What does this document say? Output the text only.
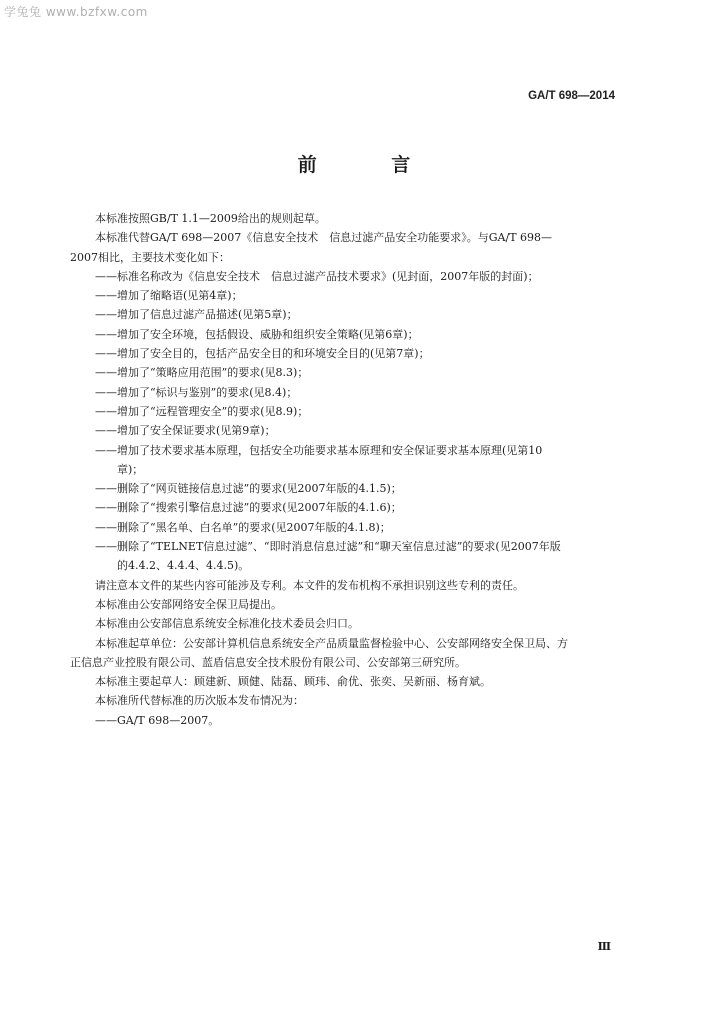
学兔兔 www.bzfxw.com
GA/T 698—2014
前 言

本标准按照GB/T 1.1—2009给出的规则起草。

本标准代替GA/T 698—2007《信息安全技术　信息过滤产品安全功能要求》。与GA/T 698—

2007相比，主要技术变化如下：

——标准名称改为《信息安全技术　信息过滤产品技术要求》(见封面，2007年版的封面)；
——增加了缩略语(见第4章)；
——增加了信息过滤产品描述(见第5章)；
——增加了安全环境，包括假设、威胁和组织安全策略(见第6章)；
——增加了安全目的，包括产品安全目的和环境安全目的(见第7章)；
——增加了“策略应用范围”的要求(见8.3)；
——增加了“标识与鉴别”的要求(见8.4)；
——增加了“远程管理安全”的要求(见8.9)；
——增加了安全保证要求(见第9章)；
——增加了技术要求基本原理，包括安全功能要求基本原理和安全保证要求基本原理(见第10
　　章)；
——删除了“网页链接信息过滤”的要求(见2007年版的4.1.5)；
——删除了“搜索引擎信息过滤”的要求(见2007年版的4.1.6)；
——删除了“黑名单、白名单”的要求(见2007年版的4.1.8)；
——删除了“TELNET信息过滤”、“即时消息信息过滤”和“聊天室信息过滤”的要求(见2007年版
　　的4.4.2、4.4.4、4.4.5)。

请注意本文件的某些内容可能涉及专利。本文件的发布机构不承担识别这些专利的责任。

本标准由公安部网络安全保卫局提出。

本标准由公安部信息系统安全标准化技术委员会归口。

本标准起草单位：公安部计算机信息系统安全产品质量监督检验中心、公安部网络安全保卫局、方

正信息产业控股有限公司、蓝盾信息安全技术股份有限公司、公安部第三研究所。

本标准主要起草人：顾建新、顾健、陆磊、顾玮、俞优、张奕、吴新丽、杨育斌。

本标准所代替标准的历次版本发布情况为：

——GA/T 698—2007。

Ⅲ
